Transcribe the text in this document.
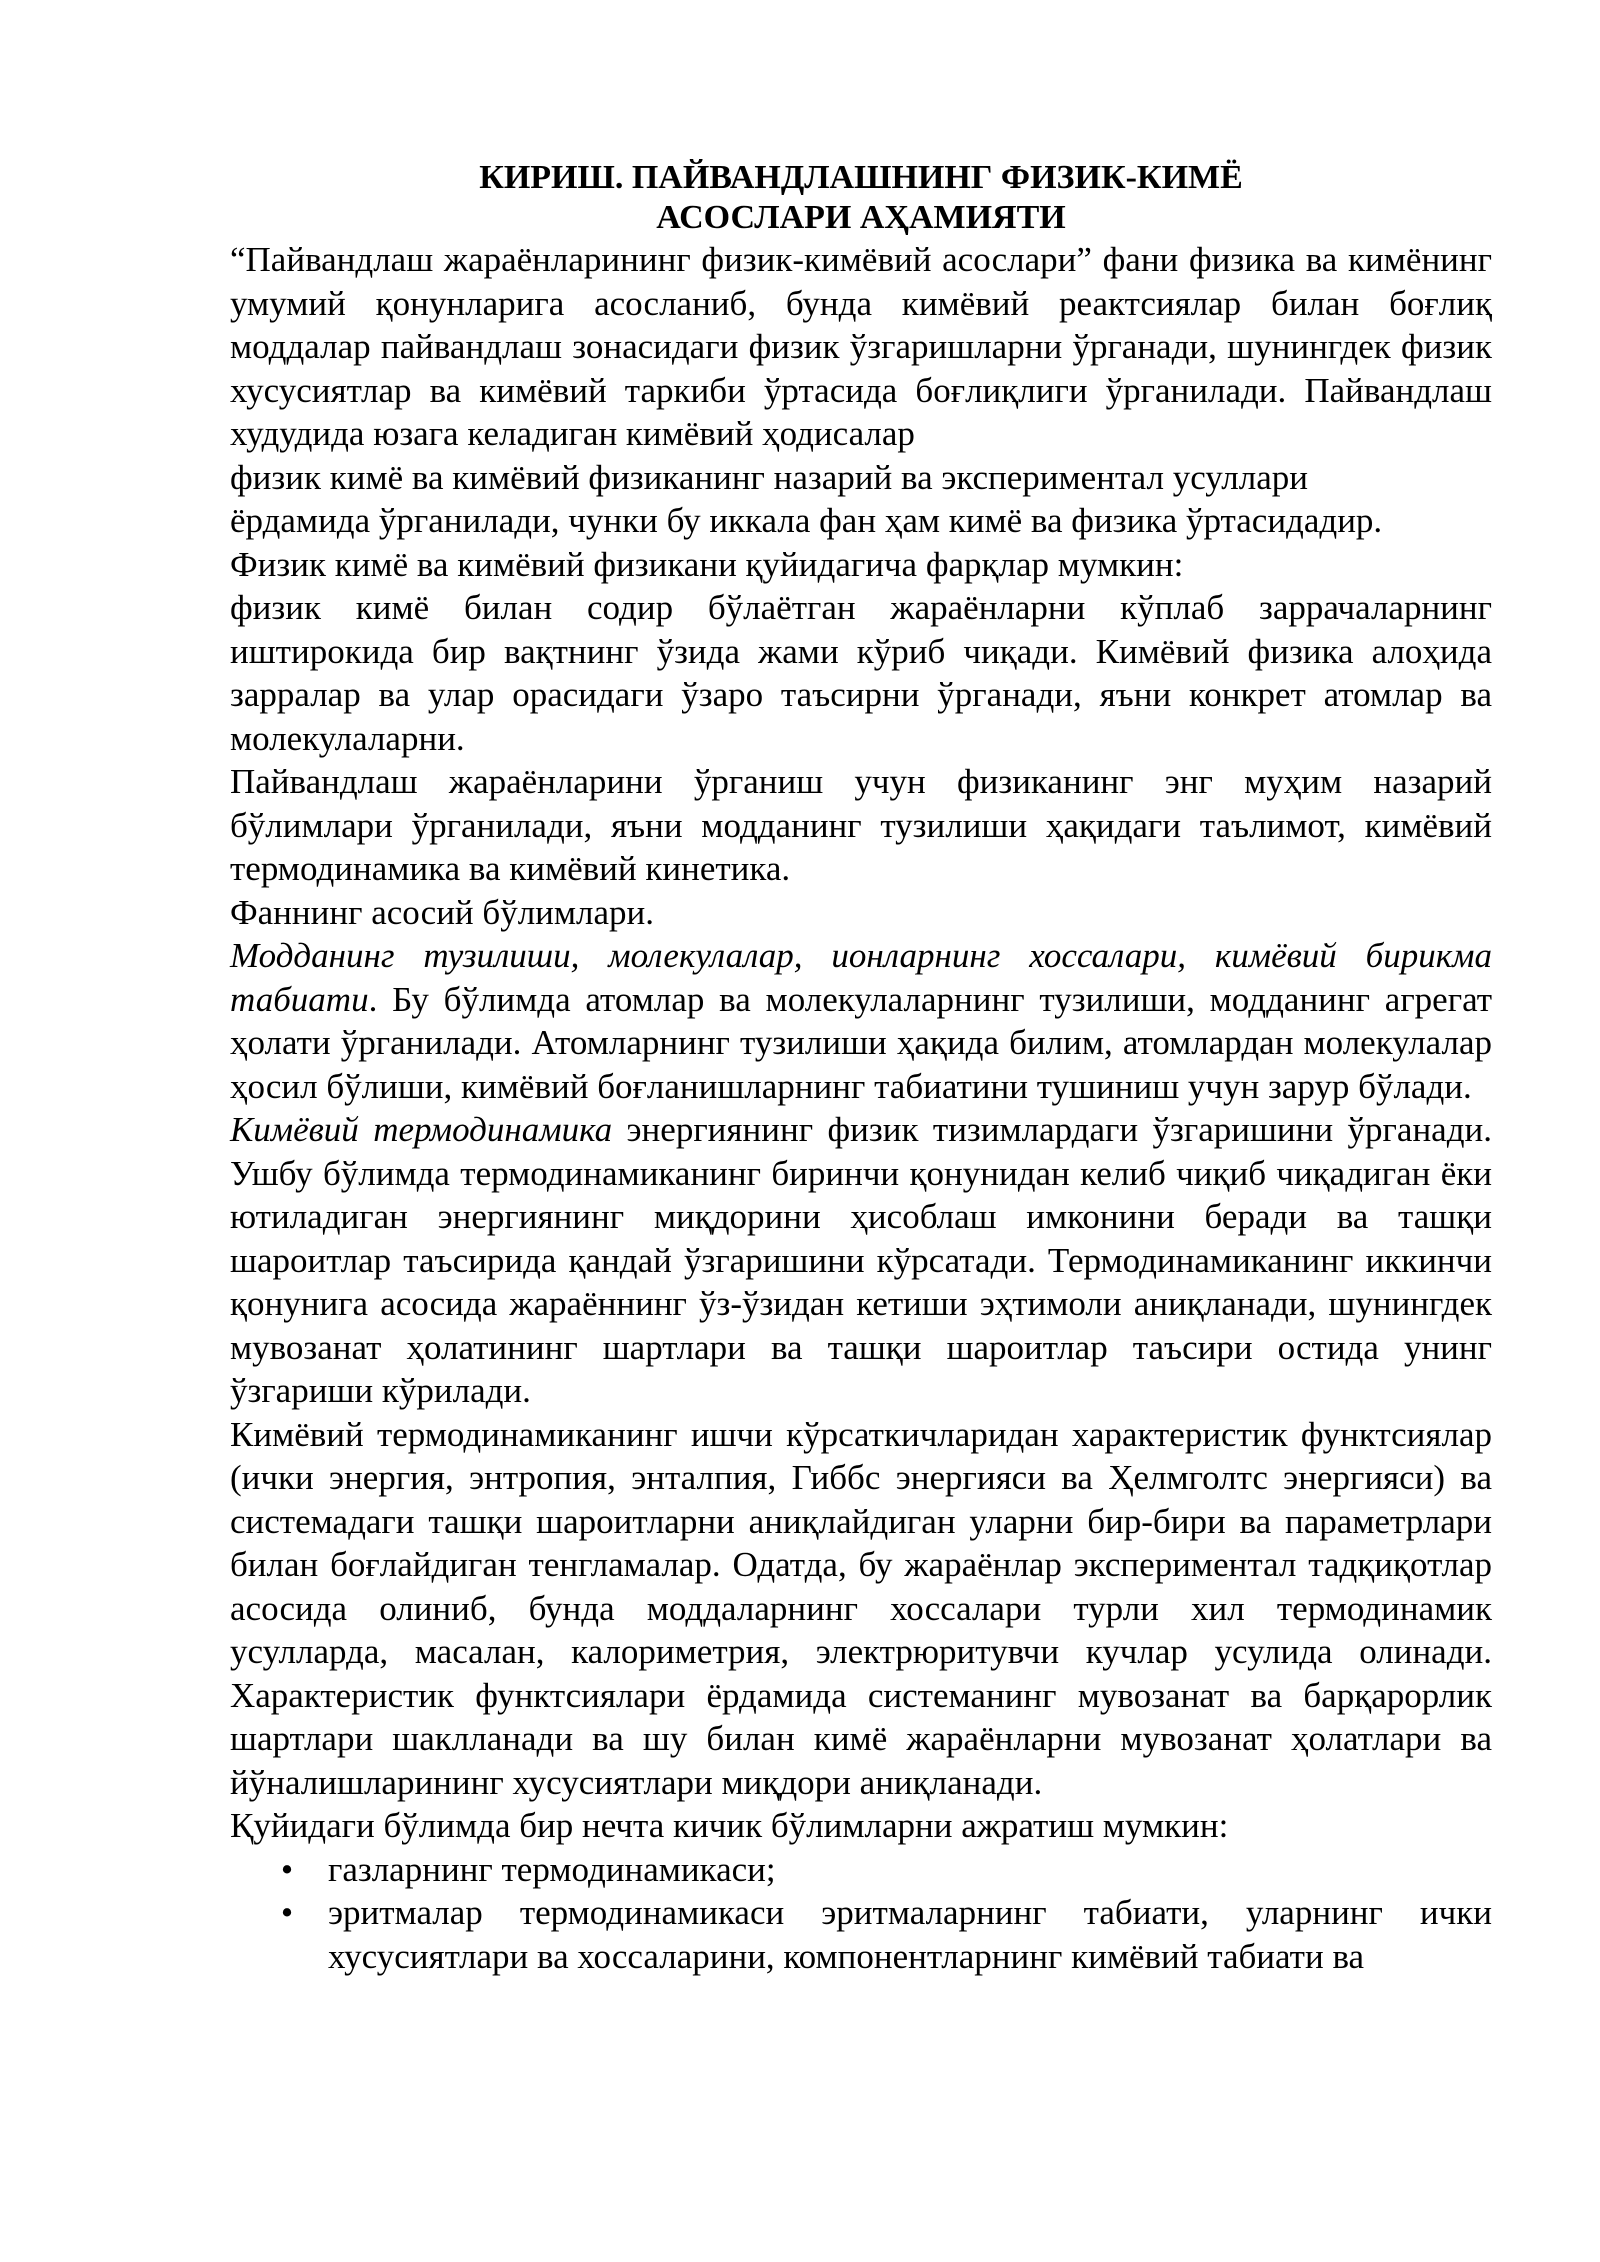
КИРИШ. ПАЙВАНДЛАШНИНГ ФИЗИК-КИМЁ
АСОСЛАРИ АҲАМИЯТИ

“Пайвандлаш жараёнларининг физик-кимёвий асослари” фани физика ва кимёнинг умумий қонунларига асосланиб, бунда кимёвий реактсиялар билан боғлиқ моддалар пайвандлаш зонасидаги физик ўзгаришларни ўрганади, шунингдек физик хусусиятлар ва кимёвий таркиби ўртасида боғлиқлиги ўрганилади. Пайвандлаш худудида юзага келадиган кимёвий ҳодисалар

физик кимё ва кимёвий физиканинг назарий ва экспериментал усуллари

ёрдамида ўрганилади, чунки бу иккала фан ҳам кимё ва физика ўртасидадир.

Физик кимё ва кимёвий физикани қуйидагича фарқлар мумкин:

физик кимё билан содир бўлаётган жараёнларни кўплаб заррачаларнинг иштирокида бир вақтнинг ўзида жами кўриб чиқади. Кимёвий физика алоҳида зарралар ва улар орасидаги ўзаро таъсирни ўрганади, яъни конкрет атомлар ва молекулаларни.

Пайвандлаш жараёнларини ўрганиш учун физиканинг энг муҳим назарий бўлимлари ўрганилади, яъни модданинг тузилиши ҳақидаги таълимот, кимёвий термодинамика ва кимёвий кинетика.

Фаннинг асосий бўлимлари.

Модданинг тузилиши, молекулалар, ионларнинг хоссалари, кимёвий бирикма табиати. Бу бўлимда атомлар ва молекулаларнинг тузилиши, модданинг агрегат ҳолати ўрганилади. Атомларнинг тузилиши ҳақида билим, атомлардан молекулалар ҳосил бўлиши, кимёвий боғланишларнинг табиатини тушиниш учун зарур бўлади.

Кимёвий термодинамика энергиянинг физик тизимлардаги ўзгаришини ўрганади. Ушбу бўлимда термодинамиканинг биринчи қонунидан келиб чиқиб чиқадиган ёки ютиладиган энергиянинг миқдорини ҳисоблаш имконини беради ва ташқи шароитлар таъсирида қандай ўзгаришини кўрсатади. Термодинамиканинг иккинчи қонунига асосида жараённинг ўз-ўзидан кетиши эҳтимоли аниқланади, шунингдек мувозанат ҳолатининг шартлари ва ташқи шароитлар таъсири остида унинг ўзгариши кўрилади.

Кимёвий термодинамиканинг ишчи кўрсаткичларидан характеристик функтсиялар (ички энергия, энтропия, энталпия, Гиббс энергияси ва Ҳелмголтс энергияси) ва системадаги ташқи шароитларни аниқлайдиган уларни бир-бири ва параметрлари билан боғлайдиган тенгламалар. Одатда, бу жараёнлар экспериментал тадқиқотлар асосида олиниб, бунда моддаларнинг хоссалари турли хил термодинамик усулларда, масалан, калориметрия, электрюритувчи кучлар усулида олинади. Характеристик функтсиялари ёрдамида системанинг мувозанат ва барқарорлик шартлари шаклланади ва шу билан кимё жараёнларни мувозанат ҳолатлари ва йўналишларининг хусусиятлари миқдори аниқланади.

Қуйидаги бўлимда бир нечта кичик бўлимларни ажратиш мумкин:

• газларнинг термодинамикаси;
• эритмалар термодинамикаси эритмаларнинг табиати, уларнинг ички хусусиятлари ва хоссаларини, компонентларнинг кимёвий табиати ва
